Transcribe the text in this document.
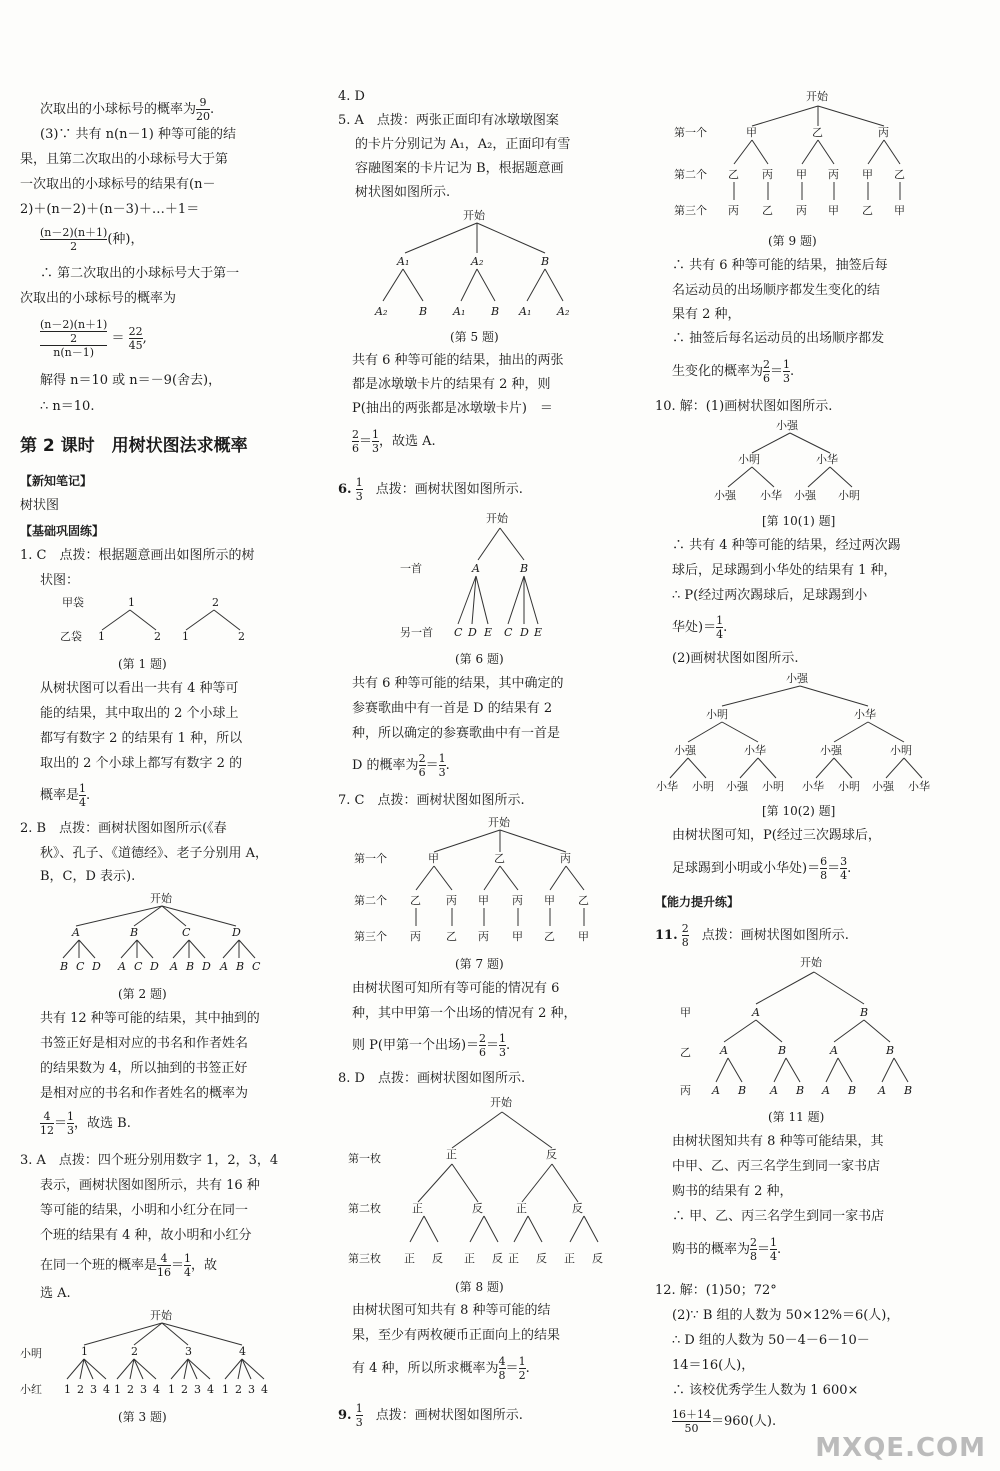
次取出的小球标号的概率为 $\frac{9}{20}$ .
(3)∵ 共有 n(n－1) 种等可能的结
果，且第二次取出的小球标号大于第
一次取出的小球标号的结果有(n－
2)＋(n－2)＋(n－3)＋…＋1＝
$\frac{(n-2)(n+1)}{2}$ (种)，
∴ 第二次取出的小球标号大于第一
次取出的小球标号的概率为
(n－2)(n＋1)
2
$n(n-1) = \frac{22}{45}$ ,
解得 n＝10 或 n＝－9(舍去)，
∴ n＝10.
第 2 课时　用树状图法求概率
【新知笔记】
树状图
【基础巩固练】
1. C　点拨：根据题意画出如图所示的树
状图：
甲袋	1	2
乙袋 1	2 1	2
(第 1 题)
从树状图可以看出一共有 4 种等可
能的结果，其中取出的 2 个小球上
都写有数字 2 的结果有 1 种，所以
取出的 2 个小球上都写有数字 2 的
概率是 $\frac{1}{4}$ .
2. B　点拨：画树状图如图所示(《春
秋》、孔子、《道德经》、老子分别用 A，
B，C，D 表示).
开始
A	B	C	D
B C D A C D A B D A B C
(第 2 题)
共有 12 种等可能的结果，其中抽到的
书签正好是相对应的书名和作者姓名
的结果数为 4，所以抽到的书签正好
是相对应的书名和作者姓名的概率为
$\frac{4}{12} = \frac{1}{3}$ ，故选 B.
3. A　点拨：四个班分别用数字 1，2，3，4
表示，画树状图如图所示，共有 16 种
等可能的结果，小明和小红分在同一
个班的结果有 4 种，故小明和小红分
在同一个班的概率是 $\frac{4}{16} = \frac{1}{4}$ ，故
选 A.
开始
小明	1	2	3	4
小红 1 2 3 4 1 2 3 4 1 2 3 4 1 2 3 4
(第 3 题)
4. D
5. A　点拨：两张正面印有冰墩墩图案
的卡片分别记为 A₁，A₂，正面印有雪
容融图案的卡片记为 B，根据题意画
树状图如图所示.
开始
A₁	A₂	B
A₂	B A₁ B A₁ A₂
(第 5 题)
共有 6 种等可能的结果，抽出的两张
都是冰墩墩卡片的结果有 2 种，则
P(抽出的两张都是冰墩墩卡片)　＝
$\frac{2}{6} = \frac{1}{3}$ ，故选 A.
6. $\frac{1}{3}$
　 点拨：画树状图如图所示.
开始
一首	A	B
另一首 C D E C D E
(第 6 题)
共有 6 种等可能的结果，其中确定的
参赛歌曲中有一首是 D 的结果有 2
种，所以确定的参赛歌曲中有一首是
D 的概率为 $\frac{2}{6} = \frac{1}{3}$ .
7. C　点拨：画树状图如图所示.
开始
第一个	甲	乙	丙
第二个 乙 丙 甲 丙 甲 乙
第三个 丙 乙 丙 甲 乙 甲
(第 7 题)
由树状图可知所有等可能的情况有 6
种，其中甲第一个出场的情况有 2 种，
则 P(甲第一个出场)＝ $\frac{2}{6} = \frac{1}{3}$ .
8. D　点拨：画树状图如图所示.
开始
第一枚	正	反
第二枚	正	反	正	反
正 反 正 反 正 反 正 反
第三枚
(第 8 题)
由树状图可知共有 8 种等可能的结
果，至少有两枚硬币正面向上的结果
有 4 种，所以所求概率为 $\frac{4}{8} = \frac{1}{2}$ .
9. $\frac{1}{3}$
　 点拨：画树状图如图所示.
开始
第一个	甲	乙	丙
第二个 乙 丙 甲 丙 甲 乙
第三个 丙 乙 丙 甲 乙 甲
(第 9 题)
∴ 共有 6 种等可能的结果，抽签后每
名运动员的出场顺序都发生变化的结
果有 2 种，
∴ 抽签后每名运动员的出场顺序都发
生变化的概率为 $\frac{2}{6} = \frac{1}{3}$ .
10. 解：(1)画树状图如图所示.
小强
小明	小华
小强 小华 小强 小明
[第 10(1) 题]
∴ 共有 4 种等可能的结果，经过两次踢
球后，足球踢到小华处的结果有 1 种，
∴ P(经过两次踢球后，足球踢到小
华处)＝ $\frac{1}{4}$ .
(2)画树状图如图所示.
小强
小明	小华
小强	小华	小强	小明
小华 小明 小强 小明 小华 小明 小强 小华
[第 10(2) 题]
由树状图可知，P(经过三次踢球后，
足球踢到小明或小华处)＝ $\frac{6}{8} = \frac{3}{4}$ .
【能力提升练】
11. $\frac{2}{8}$
　 点拨：画树状图如图所示.
开始
甲	A	B
乙	A	B	A	B
A B A B A B A B
丙
(第 11 题)
由树状图知共有 8 种等可能结果，其
中甲、乙、丙三名学生到同一家书店
购书的结果有 2 种，
∴ 甲、乙、丙三名学生到同一家书店
购书的概率为 $\frac{2}{8} = \frac{1}{4}$ .
12. 解：(1)50；72°
(2)∵ B 组的人数为 50×12%＝6(人)，
∴ D 组的人数为 50－4－6－10－
14＝16(人)，
∴ 该校优秀学生人数为 1 600×
$\frac{16+14}{50} =960$(人).
MXQE.COM
